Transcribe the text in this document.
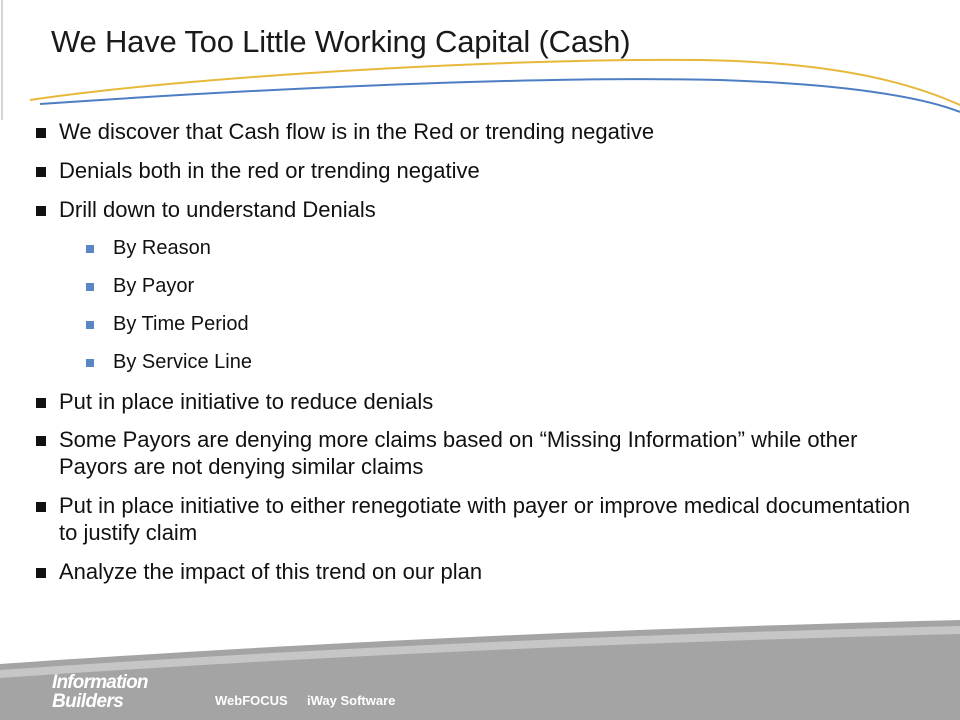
We Have Too Little Working Capital (Cash)
We discover that Cash flow is in the Red or trending negative
Denials both in the red or trending negative
Drill down to understand Denials
By Reason
By Payor
By Time Period
By Service Line
Put in place initiative to reduce denials
Some Payors are denying more claims based on “Missing Information” while other Payors are not denying similar claims
Put in place initiative to either renegotiate with payer or improve medical documentation to justify claim
Analyze the impact of this trend on our plan
Information
Builders	WebFOCUS iWay Software
